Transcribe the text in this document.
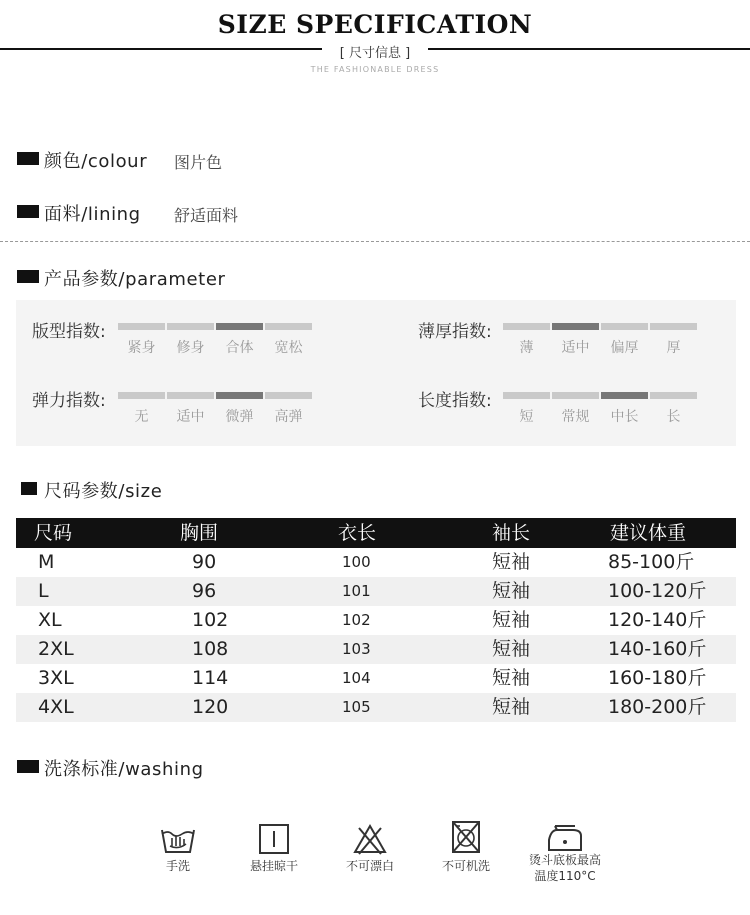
SIZE SPECIFICATION
[ 尺寸信息 ]
THE FASHIONABLE DRESS
颜色/colour 图片色
面料/lining 舒适面料
产品参数/parameter
版型指数:
紧身	修身	合体	宽松
薄厚指数:
薄	适中	偏厚	厚
弹力指数:
无	适中	微弹	高弹
长度指数:
短	常规	中长	长
尺码参数/size
尺码	胸围	衣长	袖长	建议体重
M	90	100	短袖	85-100斤
L	96	101	短袖	100-120斤
XL	102	102	短袖	120-140斤
2XL	108	103	短袖	140-160斤
3XL	114	104	短袖	160-180斤
4XL	120	105	短袖	180-200斤
洗涤标准/washing
手洗	悬挂晾干	不可漂白	不可机洗	烫斗底板最高
温度110°C
